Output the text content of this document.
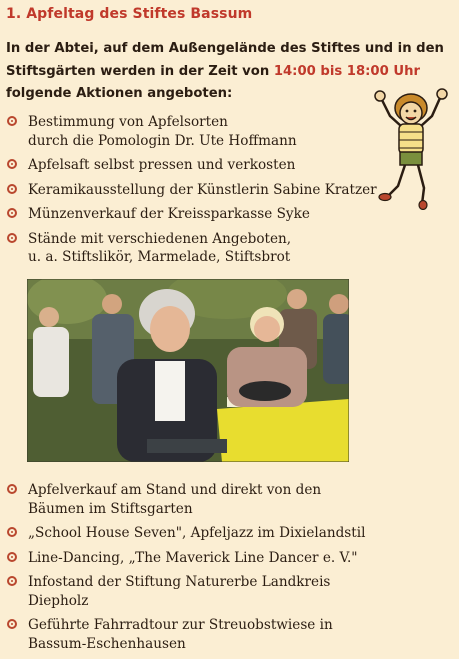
1. Apfeltag des Stiftes Bassum
In der Abtei, auf dem Außengelände des Stiftes und in den Stiftsgärten werden in der Zeit von 14:00 bis 18:00 Uhr folgende Aktionen angeboten:
Bestimmung von Apfelsorten
durch die Pomologin Dr. Ute Hoffmann
Apfelsaft selbst pressen und verkosten
Keramikausstellung der Künstlerin Sabine Kratzer
Münzenverkauf der Kreissparkasse Syke
Stände mit verschiedenen Angeboten,
u. a. Stiftslikör, Marmelade, Stiftsbrot
Apfelverkauf am Stand und direkt von den
Bäumen im Stiftsgarten
„School House Seven", Apfeljazz im Dixielandstil
Line-Dancing, „The Maverick Line Dancer e. V."
Infostand der Stiftung Naturerbe Landkreis Diepholz
Geführte Fahrradtour zur Streuobstwiese in
Bassum-Eschenhausen
